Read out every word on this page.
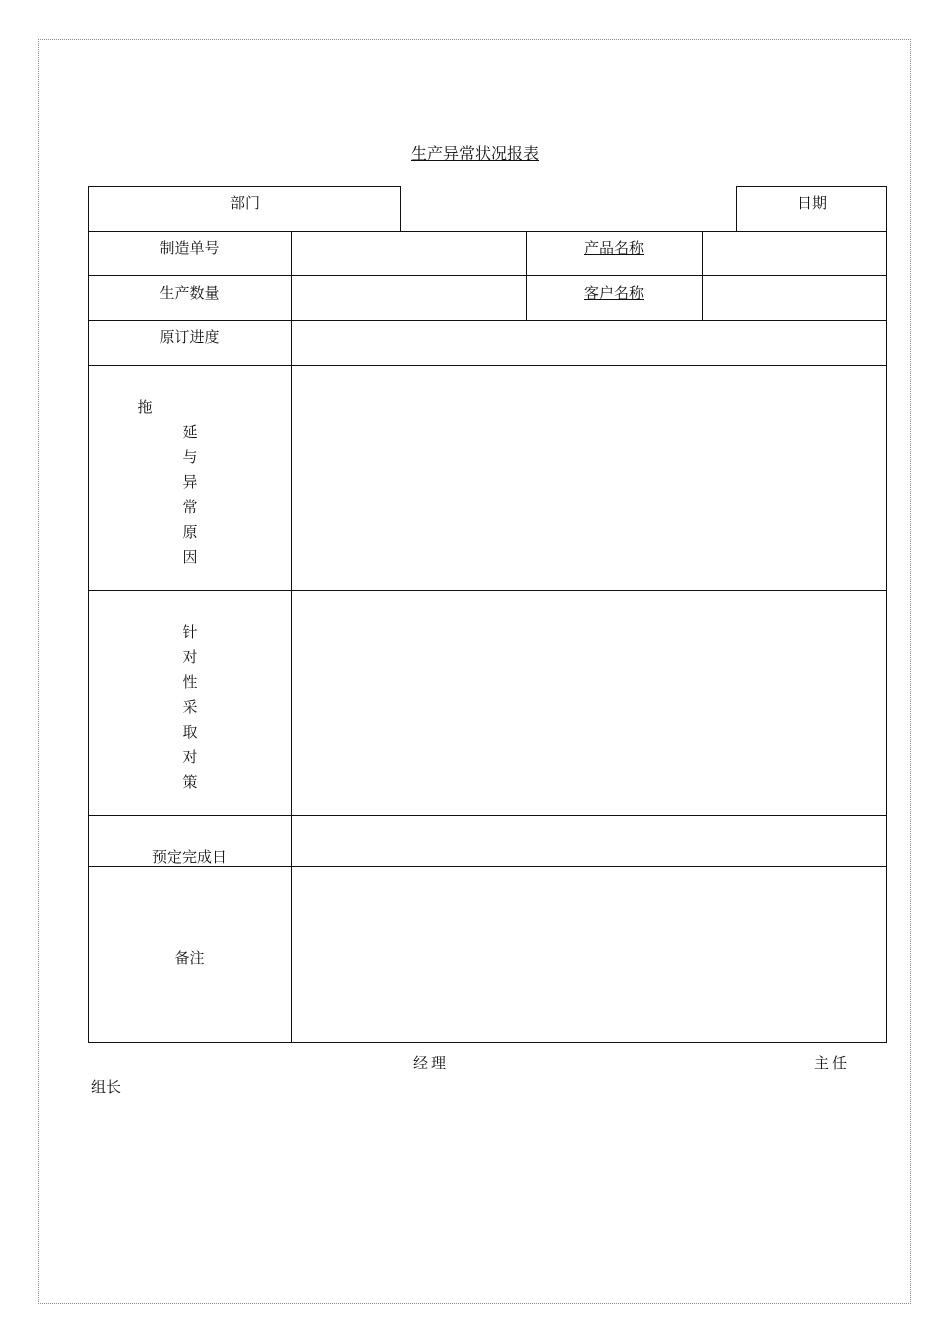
生产异常状况报表
部门	日期
制造单号	产品名称
生产数量	客户名称
原订进度
拖
延
与
异
常
原
因
针
对
性
采
取
对
策
预定完成日
备注
经理	主任
组长
